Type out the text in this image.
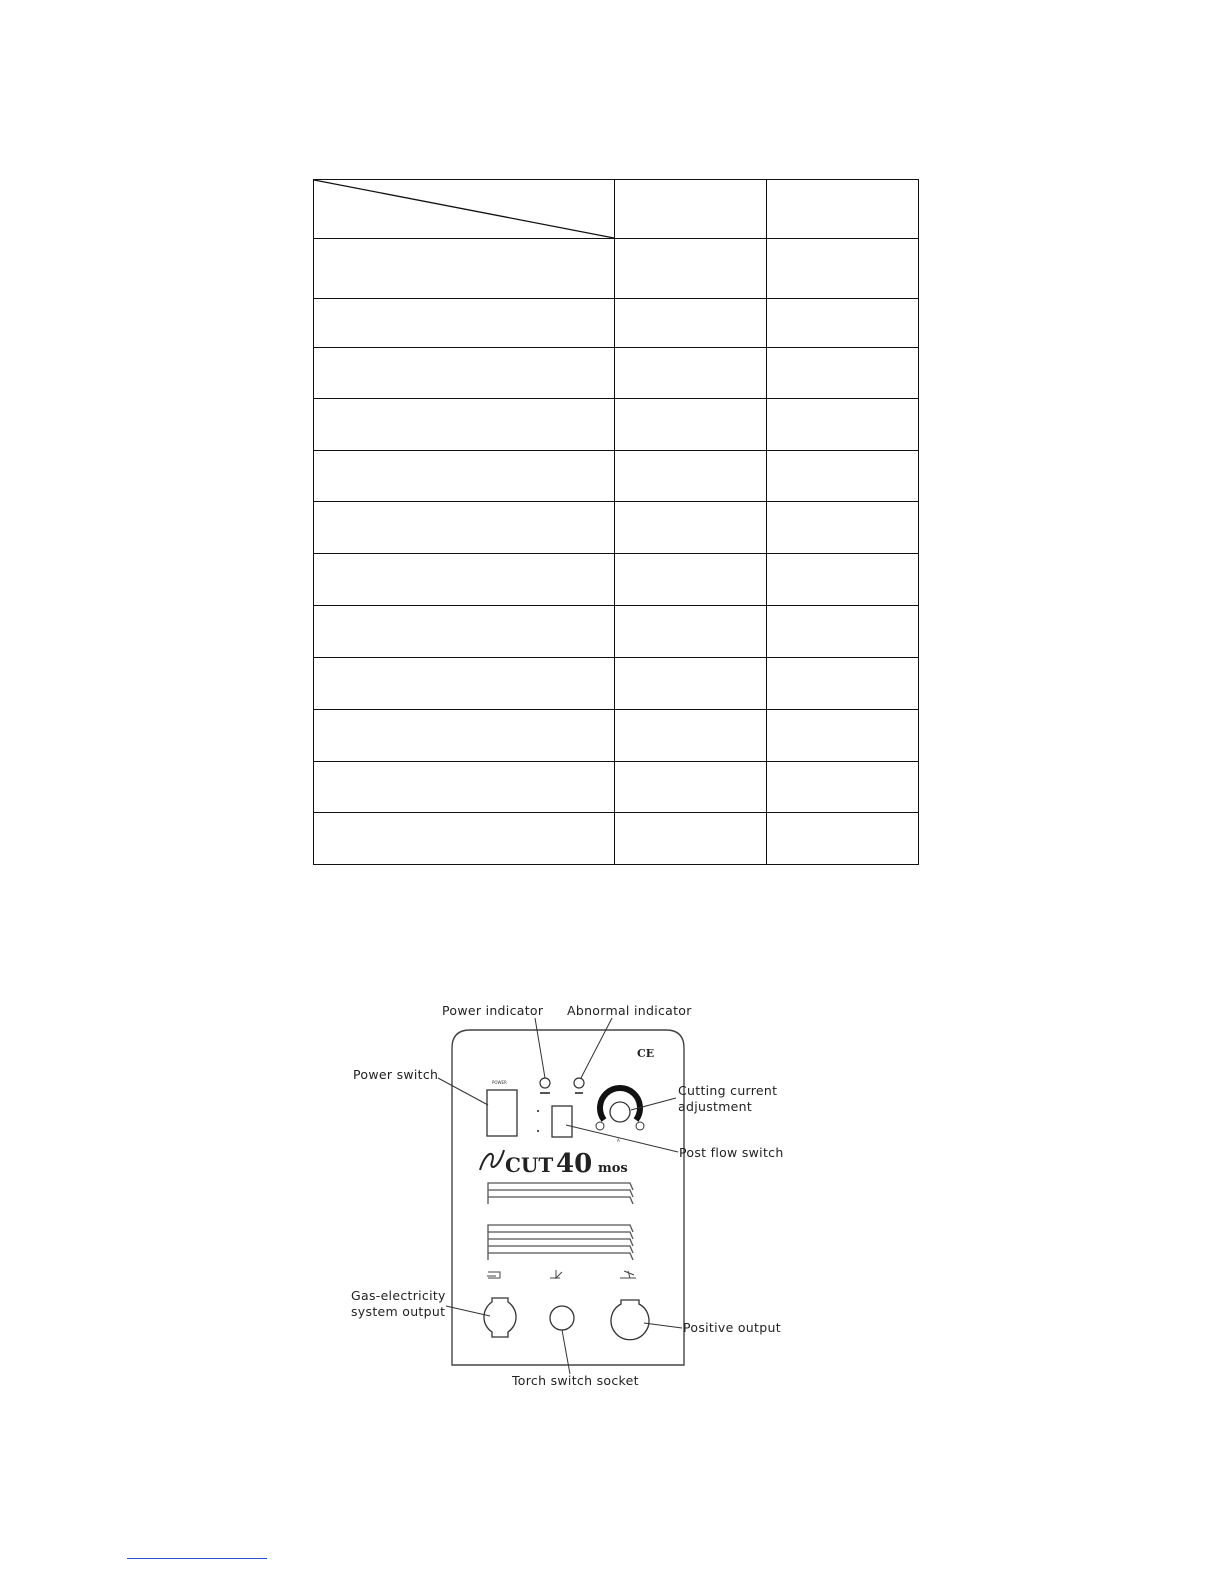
CE
POWER
A
CUT 40 mos
Power indicator Abnormal indicator
Power switch
Cutting current
adjustment
Post flow switch
Gas-electricity
system output
Positive output
Torch switch socket
